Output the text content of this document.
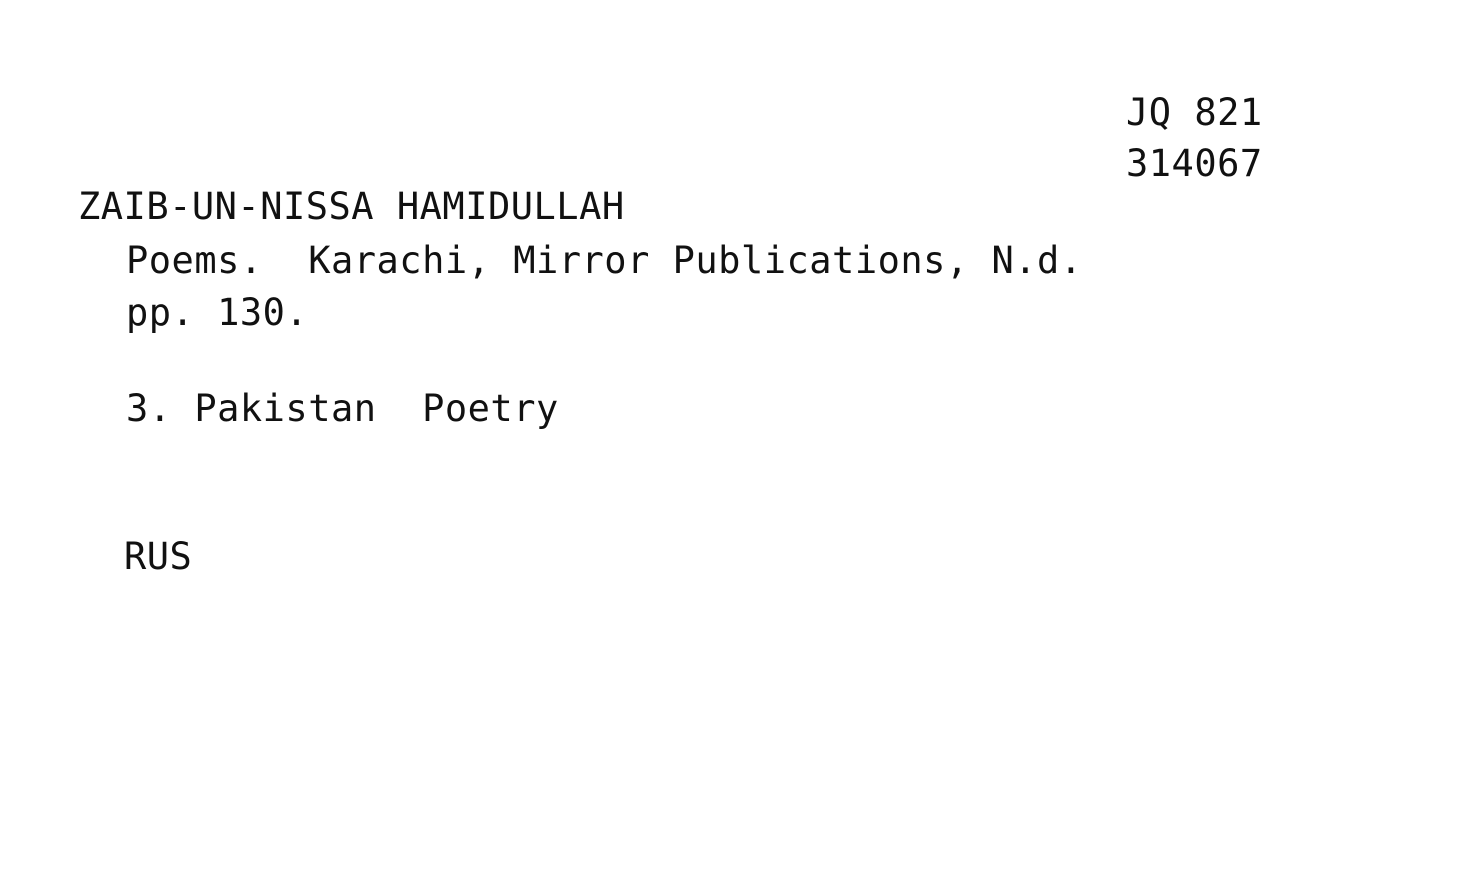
JQ 821
314067
ZAIB-UN-NISSA HAMIDULLAH
Poems.  Karachi, Mirror Publications, N.d.
pp. 130.
3. Pakistan  Poetry
RUS
